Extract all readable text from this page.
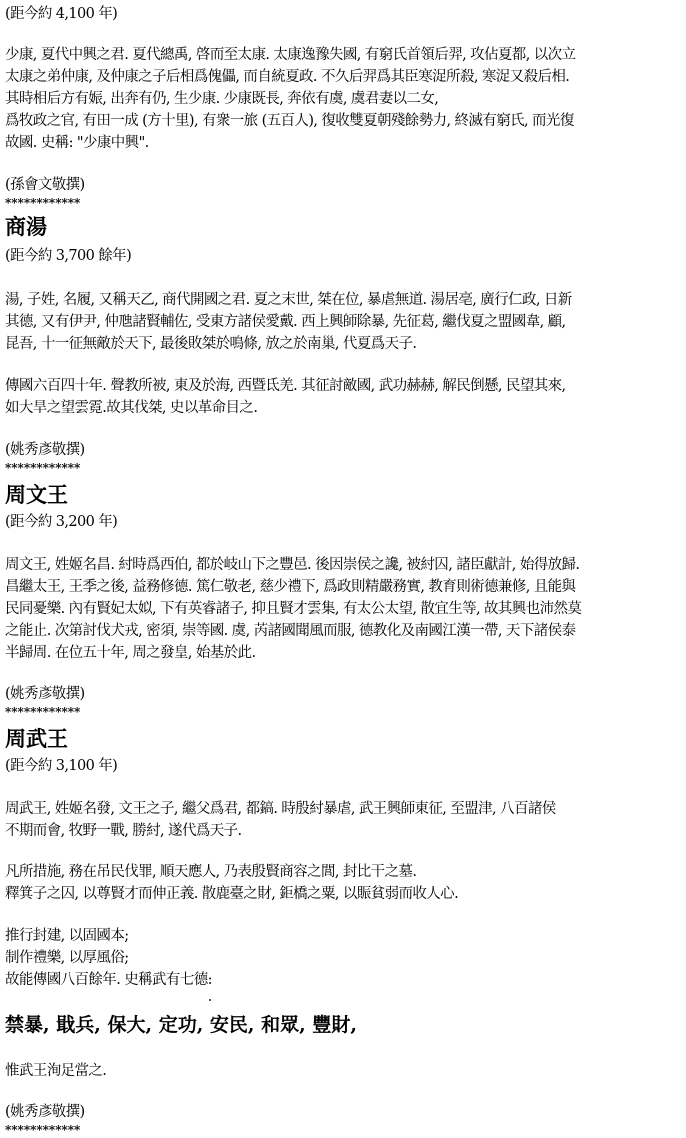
(距今約 4,100 年)
少康, 夏代中興之君. 夏代總禹, 啓而至太康. 太康逸豫失國, 有窮氏首領后羿, 攻佔夏都, 以次立
太康之弟仲康, 及仲康之子后相爲傀儡, 而自統夏政. 不久后羿爲其臣寒浞所殺, 寒浞又殺后相.
其時相后方有娠, 出奔有仍, 生少康. 少康既長, 奔依有虞, 虞君妻以二女,
爲牧政之官, 有田一成 (方十里), 有衆一旅 (五百人), 復收雙夏朝殘餘勢力, 終滅有窮氏, 而光復
故國. 史稱: "少康中興".
(孫會文敬撰)
************
商湯
(距今約 3,700 餘年)
湯, 子姓, 名履, 又稱天乙, 商代開國之君. 夏之末世, 桀在位, 暴虐無道. 湯居亳, 廣行仁政, 日新
其德, 又有伊尹, 仲虺諸賢輔佐, 受東方諸侯愛戴. 西上興師除暴, 先征葛, 繼伐夏之盟國韋, 顧,
昆吾, 十一征無敵於天下, 最後敗桀於鳴條, 放之於南巢, 代夏爲天子.
傳國六百四十年. 聲教所被, 東及於海, 西暨氐羌. 其征討敵國, 武功赫赫, 解民倒懸, 民望其來,
如大旱之望雲霓.故其伐桀, 史以革命目之.
(姚秀彥敬撰)
************
周文王
(距今約 3,200 年)
周文王, 姓姬名昌. 紂時爲西伯, 都於岐山下之豐邑. 後因崇侯之讒, 被紂囚, 諸臣獻計, 始得放歸.
昌繼太王, 王季之後, 益務修德. 篤仁敬老, 慈少禮下, 爲政則精嚴務實, 教育則術德兼修, 且能與
民同憂樂. 內有賢妃太姒, 下有英睿諸子, 抑且賢才雲集, 有太公太望, 散宜生等, 故其興也沛然莫
之能止. 次第討伐犬戎, 密須, 崇等國. 虞, 芮諸國聞風而服, 德教化及南國江漢一帶, 天下諸侯泰
半歸周. 在位五十年, 周之發皇, 始基於此.
(姚秀彥敬撰)
************
周武王
(距今約 3,100 年)
周武王, 姓姬名發, 文王之子, 繼父爲君, 都鎬. 時殷紂暴虐, 武王興師東征, 至盟津, 八百諸侯
不期而會, 牧野一戰, 勝紂, 遂代爲天子.
凡所措施, 務在吊民伐罪, 順天應人, 乃表殷賢商容之閭, 封比干之墓.
釋箕子之囚, 以尊賢才而伸正義. 散鹿臺之財, 鉅橋之粟, 以賑貧弱而收人心.
推行封建, 以固國本;
制作禮樂, 以厚風俗;
故能傳國八百餘年. 史稱武有七德:
禁暴, 戢兵, 保大, 定功, 安民, 和眾, 豐財,
惟武王洵足當之.
(姚秀彥敬撰)
************
